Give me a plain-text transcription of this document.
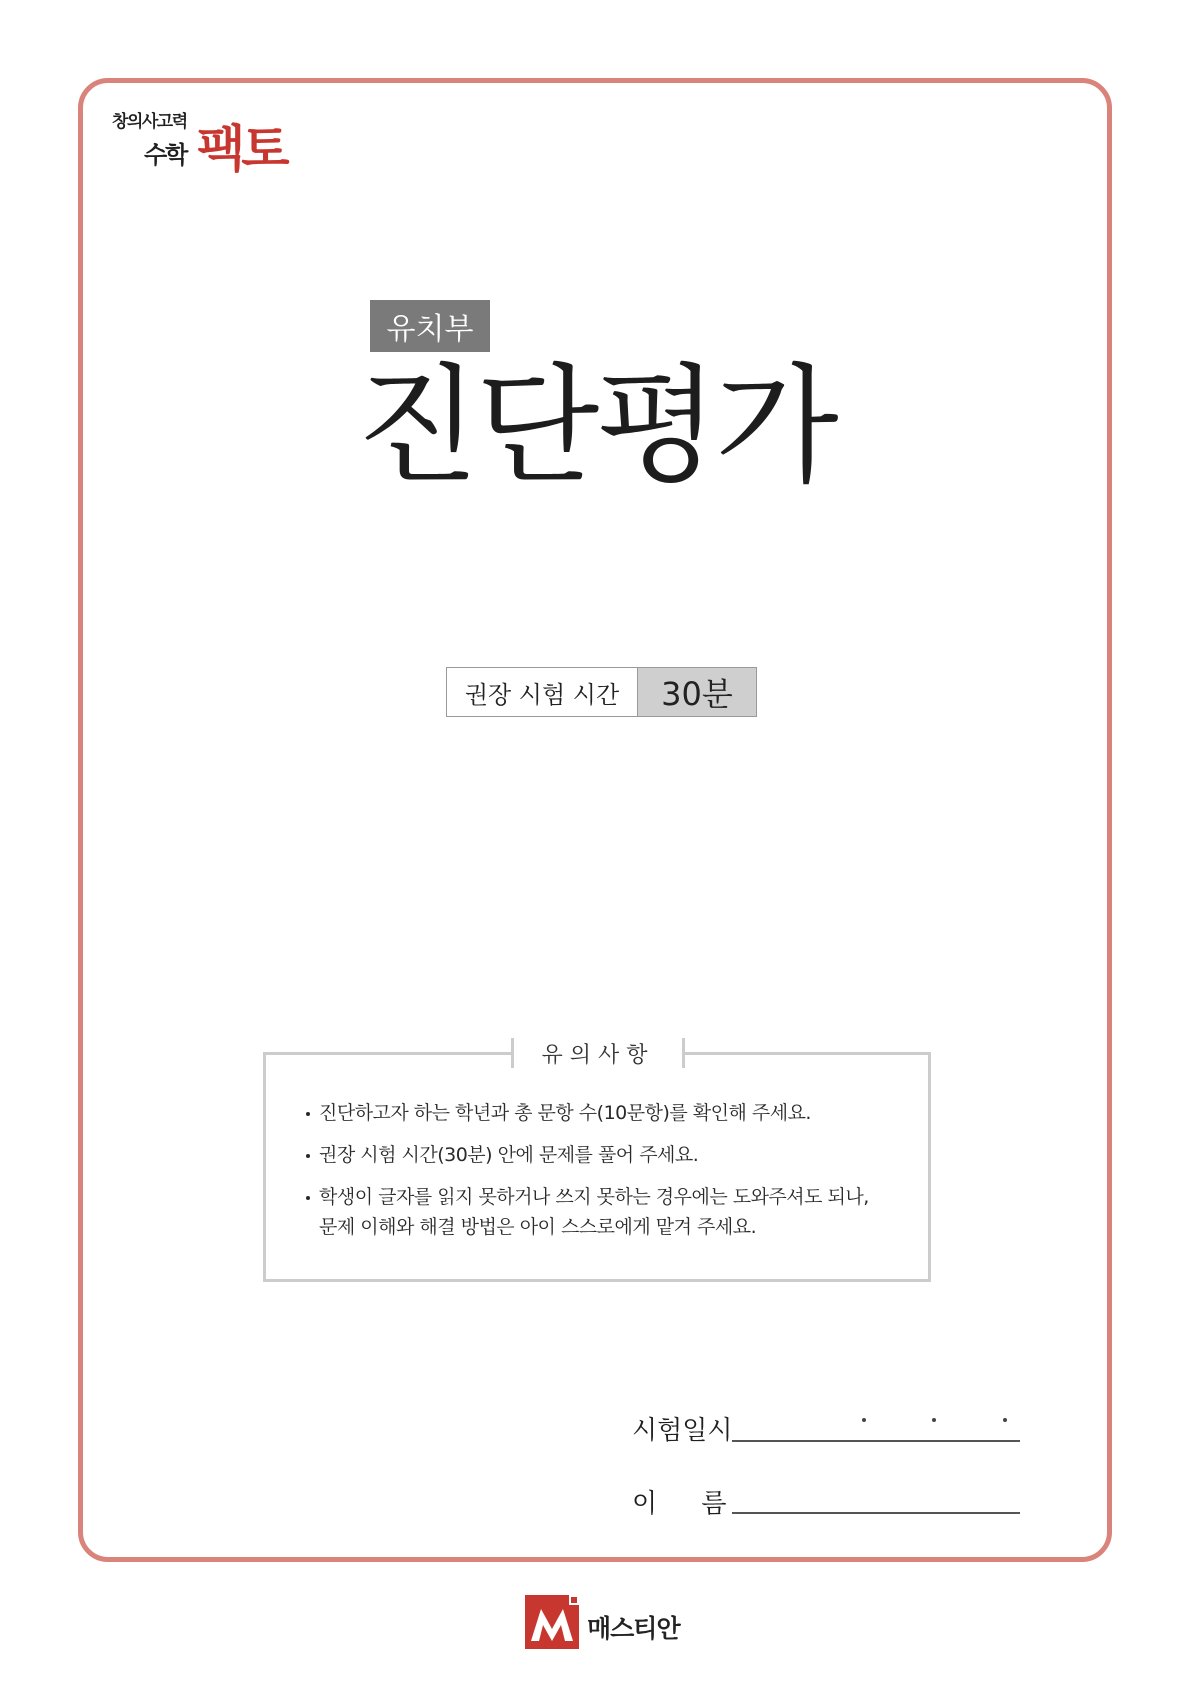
창의사고력
수학 팩토
유치부
진단평가
권장 시험 시간	30분
진단하고자 하는 학년과 총 문항 수(10문항)를 확인해 주세요.
권장 시험 시간(30분) 안에 문제를 풀어 주세요.
학생이 글자를 읽지 못하거나 쓰지 못하는 경우에는 도와주셔도 되나,
문제 이해와 해결 방법은 아이 스스로에게 맡겨 주세요.
유의사항
시험일시
이 름
매스티안
